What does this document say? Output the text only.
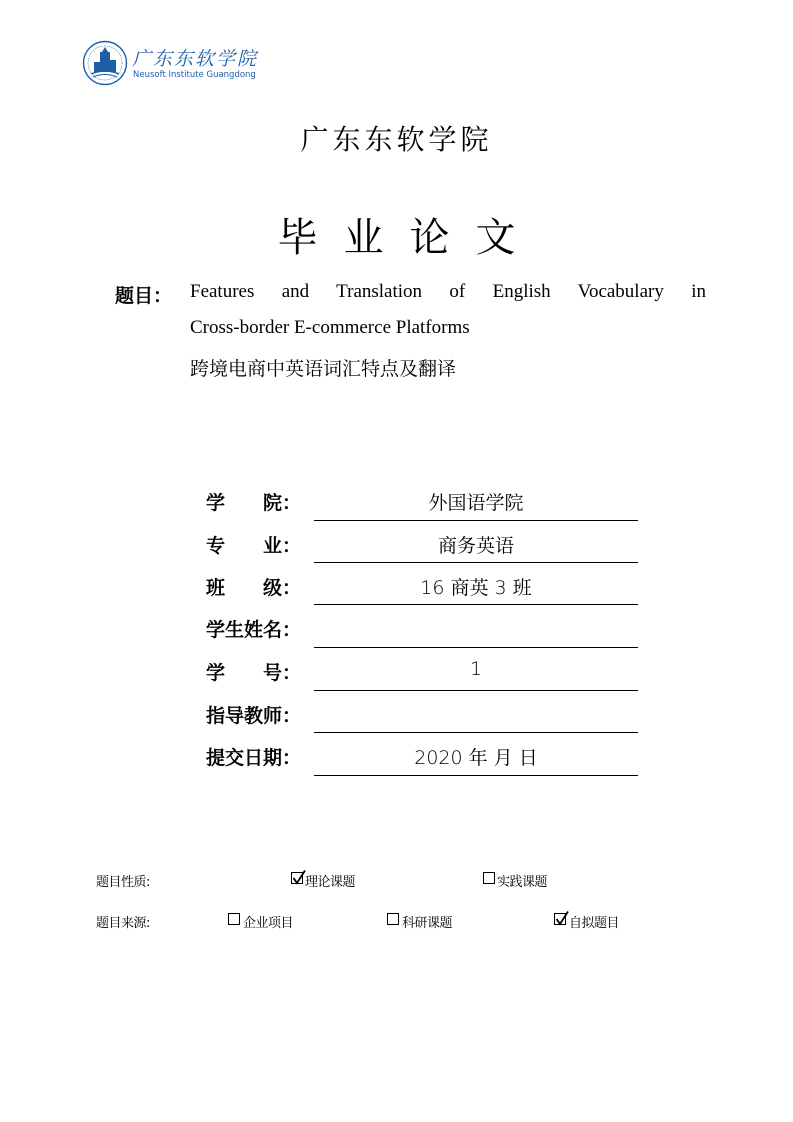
广东东软学院
Neusoft Institute Guangdong
广东东软学院
毕业论文
题目： Features and Translation of English Vocabulary in
Cross-border E-commerce Platforms
跨境电商中英语词汇特点及翻译
学　　院：	外国语学院
专　　业：	商务英语
班　　级：	16 商英 3 班
学生姓名：
学　　号：	1
指导教师：
提交日期：	2020 年 月 日
题目性质:	理论课题	实践课题
题目来源:	企业项目	科研课题	自拟题目
